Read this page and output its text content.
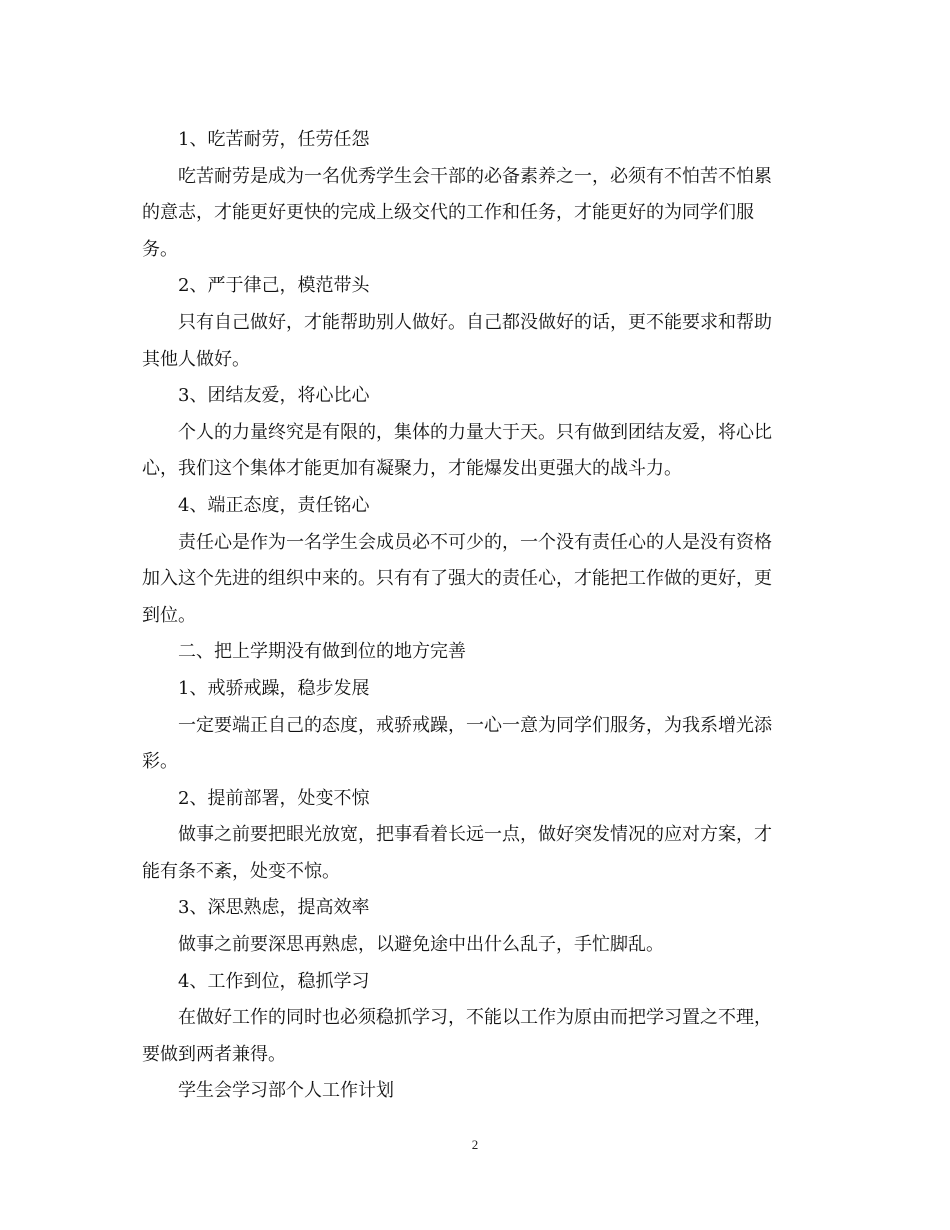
1、吃苦耐劳，任劳任怨
吃苦耐劳是成为一名优秀学生会干部的必备素养之一，必须有不怕苦不怕累
的意志，才能更好更快的完成上级交代的工作和任务，才能更好的为同学们服
务。
2、严于律己，模范带头
只有自己做好，才能帮助别人做好。自己都没做好的话，更不能要求和帮助
其他人做好。
3、团结友爱，将心比心
个人的力量终究是有限的，集体的力量大于天。只有做到团结友爱，将心比
心，我们这个集体才能更加有凝聚力，才能爆发出更强大的战斗力。
4、端正态度，责任铭心
责任心是作为一名学生会成员必不可少的，一个没有责任心的人是没有资格
加入这个先进的组织中来的。只有有了强大的责任心，才能把工作做的更好，更
到位。
二、把上学期没有做到位的地方完善
1、戒骄戒躁，稳步发展
一定要端正自己的态度，戒骄戒躁，一心一意为同学们服务，为我系增光添
彩。
2、提前部署，处变不惊
做事之前要把眼光放宽，把事看着长远一点，做好突发情况的应对方案，才
能有条不紊，处变不惊。
3、深思熟虑，提高效率
做事之前要深思再熟虑，以避免途中出什么乱子，手忙脚乱。
4、工作到位，稳抓学习
在做好工作的同时也必须稳抓学习，不能以工作为原由而把学习置之不理，
要做到两者兼得。
学生会学习部个人工作计划
2
